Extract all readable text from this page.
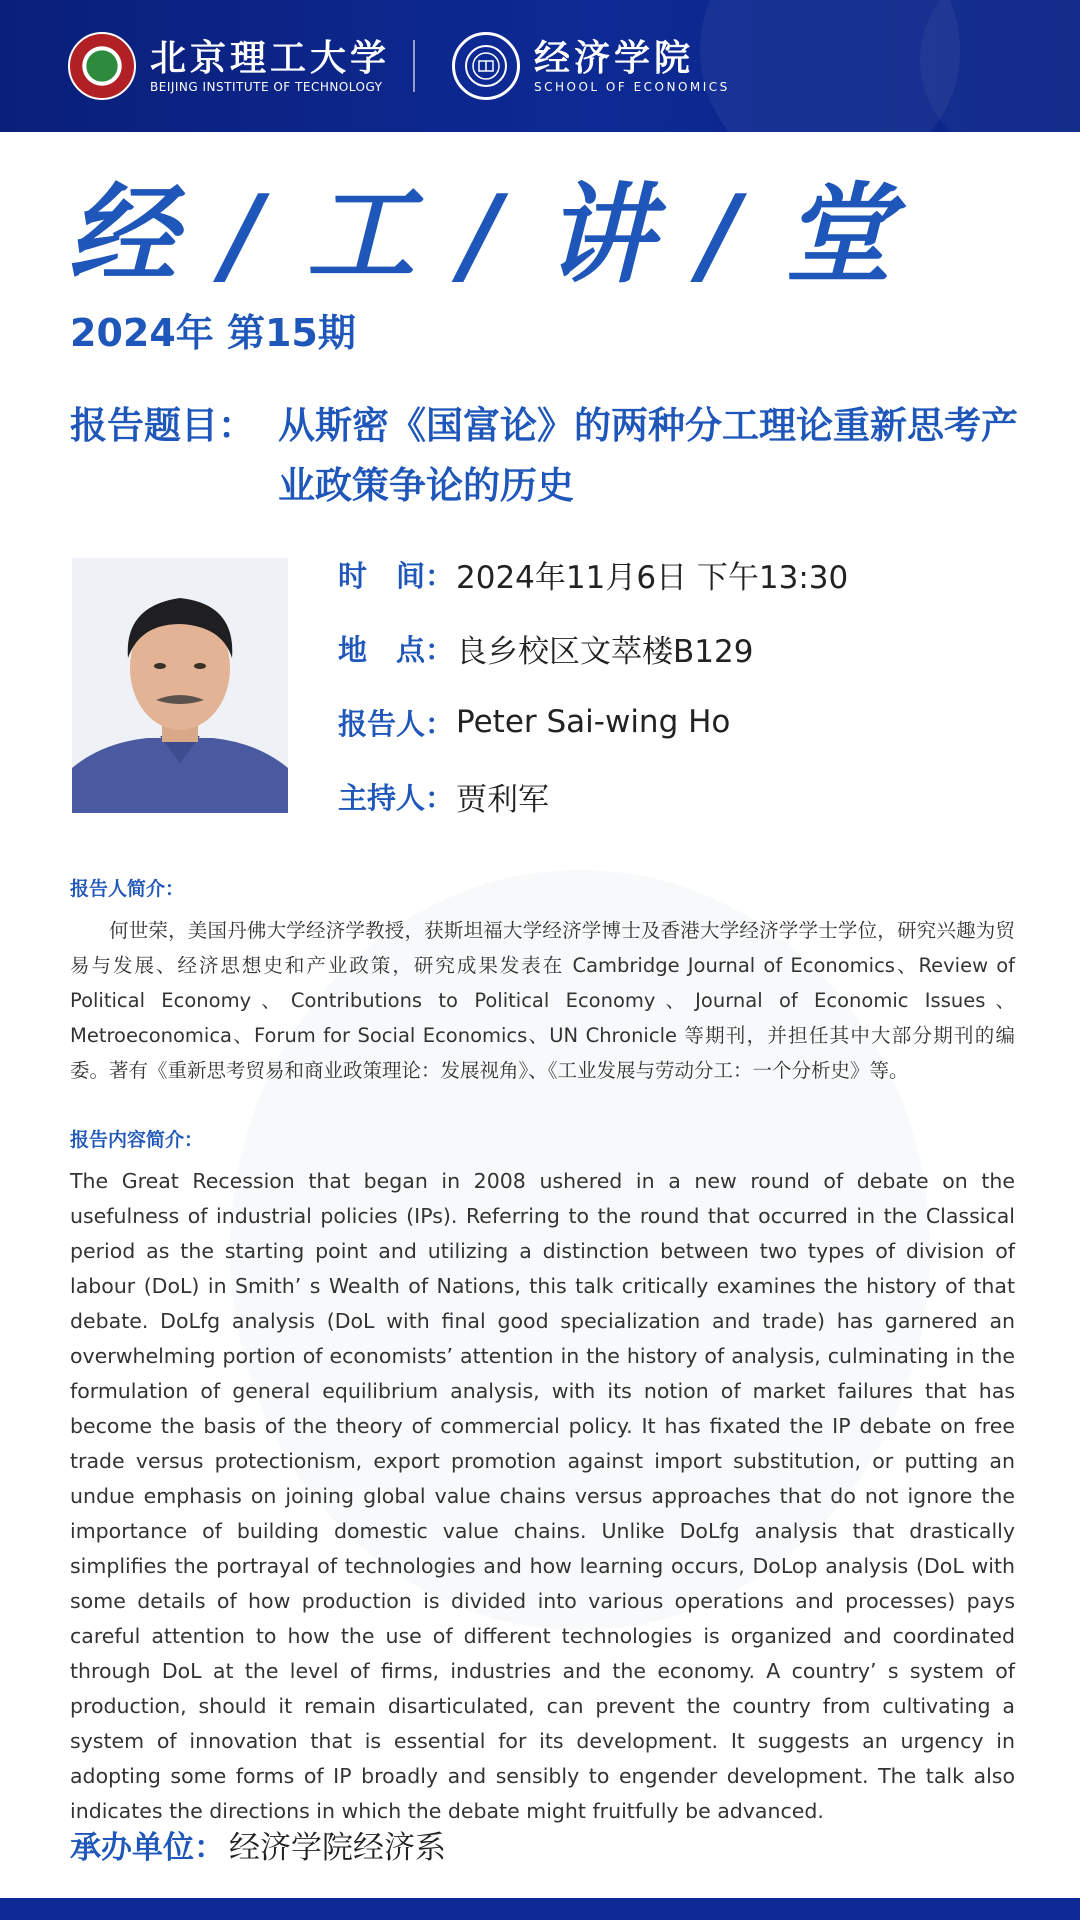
北京理工大学
BEIJING INSTITUTE OF TECHNOLOGY
经济学院
SCHOOL OF ECONOMICS
经 / 工 / 讲 / 堂
2024年 第15期
报告题目： 从斯密《国富论》的两种分工理论重新思考产业政策争论的历史
时　间： 2024年11月6日 下午13:30
地　点： 良乡校区文萃楼B129
报告人： Peter Sai-wing Ho
主持人： 贾利军
报告人简介：
何世荣，美国丹佛大学经济学教授，获斯坦福大学经济学博士及香港大学经济学学士学位，研究兴趣为贸易与发展、经济思想史和产业政策，研究成果发表在 Cambridge Journal of Economics、Review of Political Economy、Contributions to Political Economy、Journal of Economic Issues、Metroeconomica、Forum for Social Economics、UN Chronicle 等期刊，并担任其中大部分期刊的编委。著有《重新思考贸易和商业政策理论：发展视角》、《工业发展与劳动分工：一个分析史》等。
报告内容简介：
The Great Recession that began in 2008 ushered in a new round of debate on the usefulness of industrial policies (IPs). Referring to the round that occurred in the Classical period as the starting point and utilizing a distinction between two types of division of labour (DoL) in Smith’ s Wealth of Nations, this talk critically examines the history of that debate. DoLfg analysis (DoL with final good specialization and trade) has garnered an overwhelming portion of economists’ attention in the history of analysis, culminating in the formulation of general equilibrium analysis, with its notion of market failures that has become the basis of the theory of commercial policy. It has fixated the IP debate on free trade versus protectionism, export promotion against import substitution, or putting an undue emphasis on joining global value chains versus approaches that do not ignore the importance of building domestic value chains. Unlike DoLfg analysis that drastically simplifies the portrayal of technologies and how learning occurs, DoLop analysis (DoL with some details of how production is divided into various operations and processes) pays careful attention to how the use of different technologies is organized and coordinated through DoL at the level of firms, industries and the economy. A country’ s system of production, should it remain disarticulated, can prevent the country from cultivating a system of innovation that is essential for its development. It suggests an urgency in adopting some forms of IP broadly and sensibly to engender development. The talk also indicates the directions in which the debate might fruitfully be advanced.
承办单位： 经济学院经济系
